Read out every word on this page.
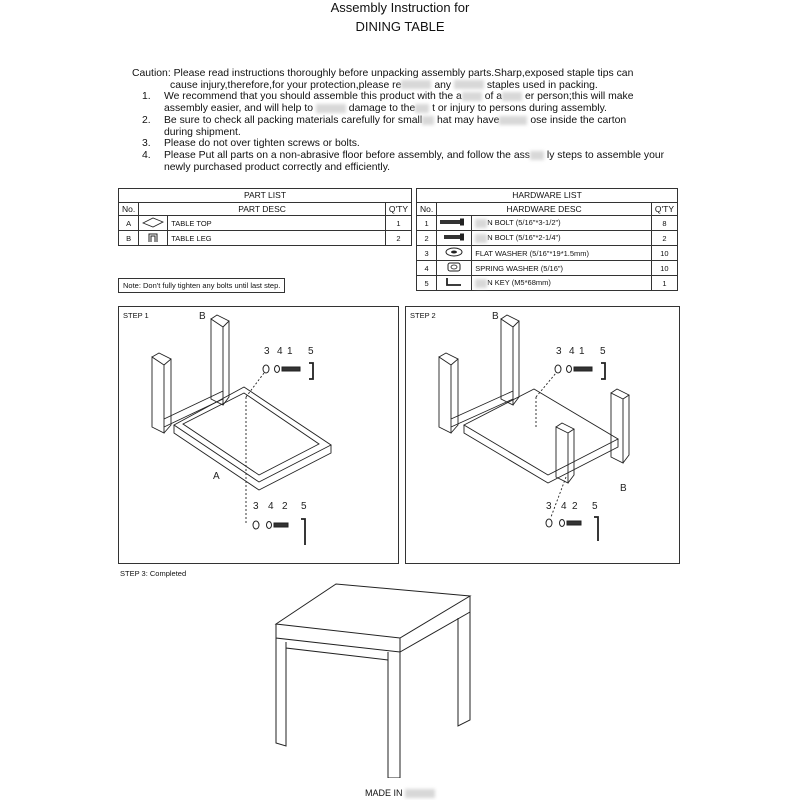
Assembly Instruction for
DINING TABLE
Caution: Please read instructions thoroughly before unpacking assembly parts.Sharp,exposed staple tips can
cause injury,therefore,for your protection,please re	any	staples used in packing.
1.	We recommend that you should assemble this product with the a of a er person;this will make
assembly easier, and will help to	damage to the t or injury to persons during assembly.
2.	Be sure to check all packing materials carefully for small hat may have	ose inside the carton
during shipment.
3.	Please do not over tighten screws or bolts.
4.	Please Put all parts on a non-abrasive floor before assembly, and follow the ass ly steps to assemble your
newly purchased product correctly and efficiently.
PART LIST			
No.	PART DESC		Q'TY
A		TABLE TOP	1
B		TABLE LEG	2
Note: Don't fully tighten any bolts until last step.
HARDWARE LIST			
No.	HARDWARE DESC		Q'TY
1		N BOLT (5/16"*3-1/2")	8
2		N BOLT (5/16"*2-1/4")	2
3		FLAT WASHER (5/16"*19*1.5mm)	10
4		SPRING WASHER (5/16")	10
5		N KEY (M5*68mm)	1
STEP 1	B
A
3 4 1 5
3 4 2 5
STEP 2	B
B
3 4 1 5
3 4 2 5
STEP 3: Completed
MADE IN
